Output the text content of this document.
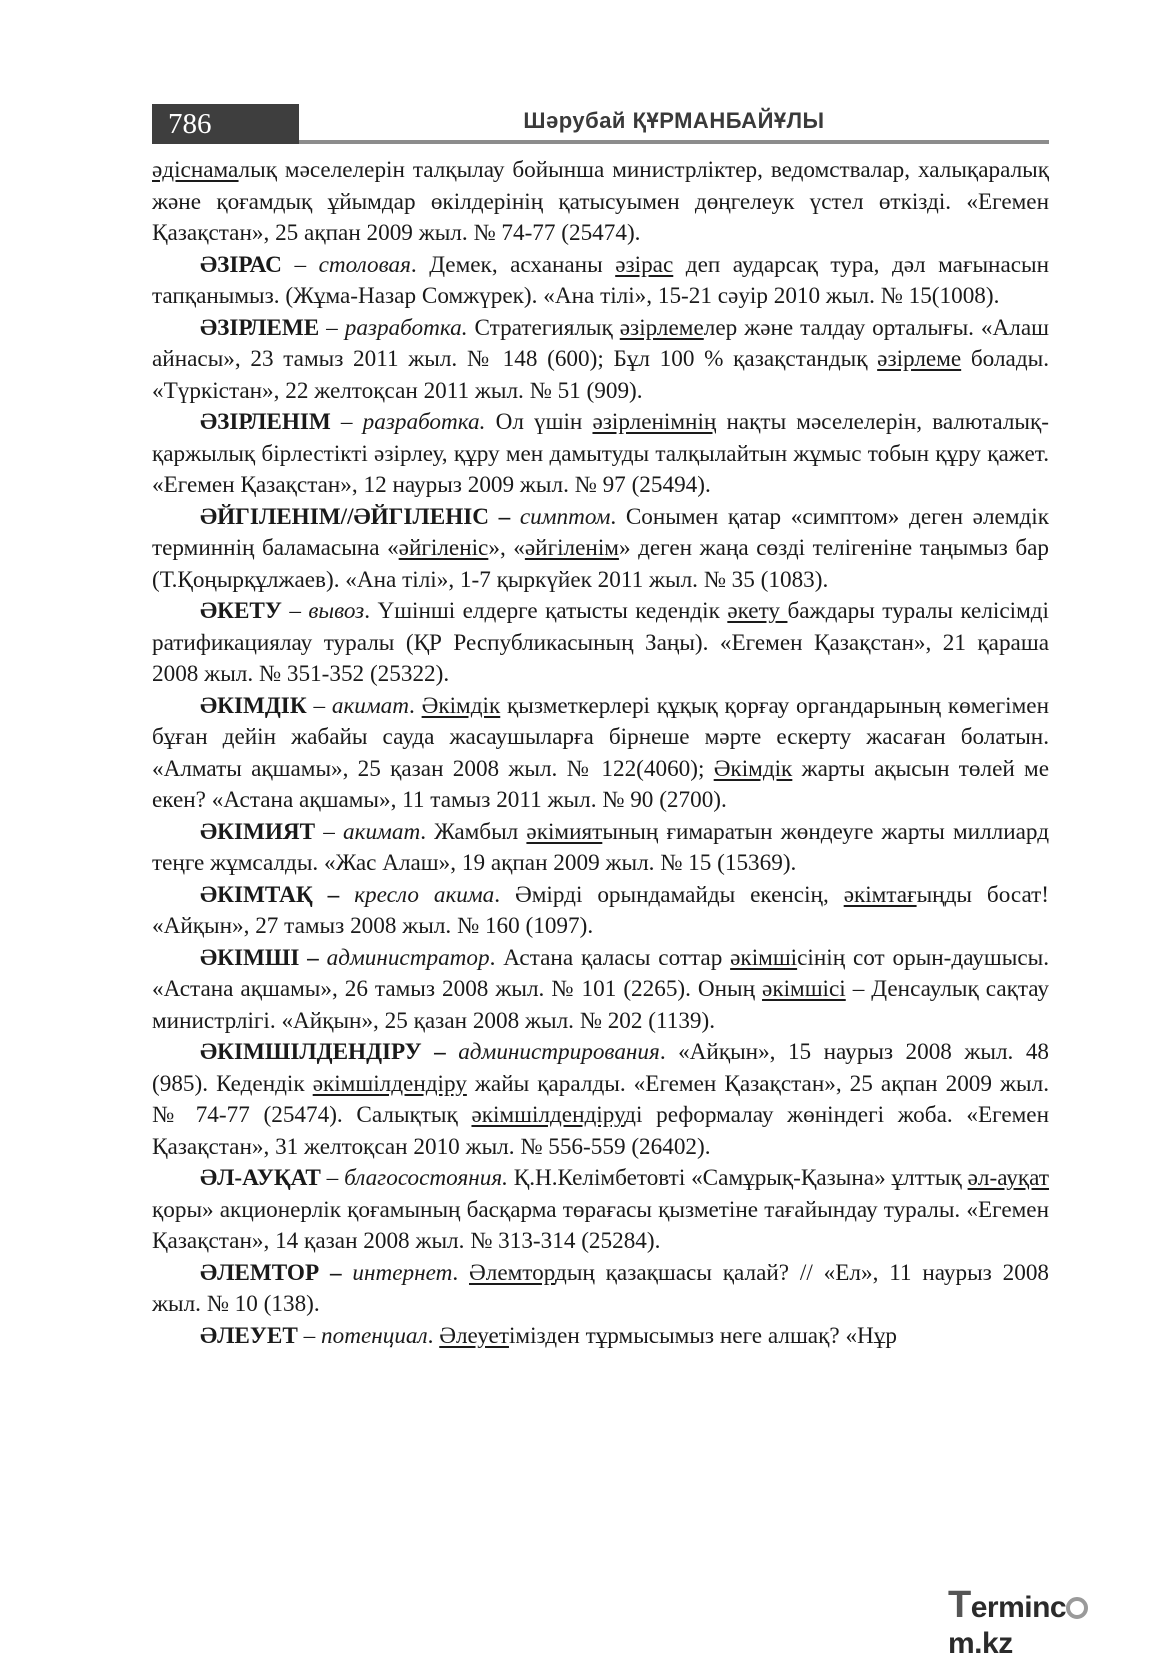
786	Шәрубай ҚҰРМАНБАЙҰЛЫ

әдіснамалық мәселелерін талқылау бойынша министрліктер, ведомствалар, халықаралық және қоғамдық ұйымдар өкілдерінің қатысуымен дөңгелеук үстел өткізді. «Егемен Қазақстан», 25 ақпан 2009 жыл. № 74-77 (25474).

ӘЗІРАС – столовая. Демек, асхананы әзірас деп аударсақ тура, дәл мағынасын тапқанымыз. (Жұма-Назар Сомжүрек). «Ана тілі», 15-21 сәуір 2010 жыл. № 15(1008).

ӘЗІРЛЕМЕ – разработка. Стратегиялық әзірлемелер және талдау орталығы. «Алаш айнасы», 23 тамыз 2011 жыл. № 148 (600); Бұл 100 % қазақстандық әзірлеме болады. «Түркістан», 22 желтоқсан 2011 жыл. № 51 (909).

ӘЗІРЛЕНІМ – разработка. Ол үшін әзірленімнің нақты мәселелерін, валюталық-қаржылық бірлестікті әзірлеу, құру мен дамытуды талқылайтын жұмыс тобын құру қажет. «Егемен Қазақстан», 12 наурыз 2009 жыл. № 97 (25494).

ӘЙГІЛЕНІМ//ӘЙГІЛЕНІС – симптом. Сонымен қатар «симптом» деген әлемдік терминнің баламасына «әйгіленіс», «әйгіленім» деген жаңа сөзді телігеніне таңымыз бар (Т.Қоңырқұлжаев). «Ана тілі», 1-7 қыркүйек 2011 жыл. № 35 (1083).

ӘКЕТУ – вывоз. Үшінші елдерге қатысты кедендік әкету баждары туралы келісімді ратификациялау туралы (ҚР Республикасының Заңы). «Егемен Қазақстан», 21 қараша 2008 жыл. № 351-352 (25322).

ӘКІМДІК – акимат. Әкімдік қызметкерлері құқық қорғау органдарының көмегімен бұған дейін жабайы сауда жасаушыларға бірнеше мәрте ескерту жасаған болатын. «Алматы ақшамы», 25 қазан 2008 жыл. № 122(4060); Әкімдік жарты ақысын төлей ме екен? «Астана ақшамы», 11 тамыз 2011 жыл. № 90 (2700).

ӘКІМИЯТ – акимат. Жамбыл әкімиятының ғимаратын жөндеуге жарты миллиард теңге жұмсалды. «Жас Алаш», 19 ақпан 2009 жыл. № 15 (15369).

ӘКІМТАҚ – кресло акима. Әмірді орындамайды екенсің, әкімтағыңды босат! «Айқын», 27 тамыз 2008 жыл. № 160 (1097).

ӘКІМШІ – администратор. Астана қаласы соттар әкімшісінің сот орын-даушысы. «Астана ақшамы», 26 тамыз 2008 жыл. № 101 (2265). Оның әкімшісі – Денсаулық сақтау министрлігі. «Айқын», 25 қазан 2008 жыл. № 202 (1139).

ӘКІМШІЛДЕНДІРУ – администрирования. «Айқын», 15 наурыз 2008 жыл. 48 (985). Кедендік әкімшілдендіру жайы қаралды. «Егемен Қазақстан», 25 ақпан 2009 жыл. № 74-77 (25474). Салықтық әкімшілдендіруді реформалау жөніндегі жоба. «Егемен Қазақстан», 31 желтоқсан 2010 жыл. № 556-559 (26402).

ӘЛ-АУҚАТ – благосостояния. Қ.Н.Келімбетовті «Самұрық-Қазына» ұлттық әл-ауқат қоры» акционерлік қоғамының басқарма төрағасы қызметіне тағайындау туралы. «Егемен Қазақстан», 14 қазан 2008 жыл. № 313-314 (25284).

ӘЛЕМТОР – интернет. Әлемтордың қазақшасы қалай? // «Ел», 11 наурыз 2008 жыл. № 10 (138).

ӘЛЕУЕТ – потенциал. Әлеуетімізден тұрмысымыз неге алшақ? «Нұр

Termincm.kz
